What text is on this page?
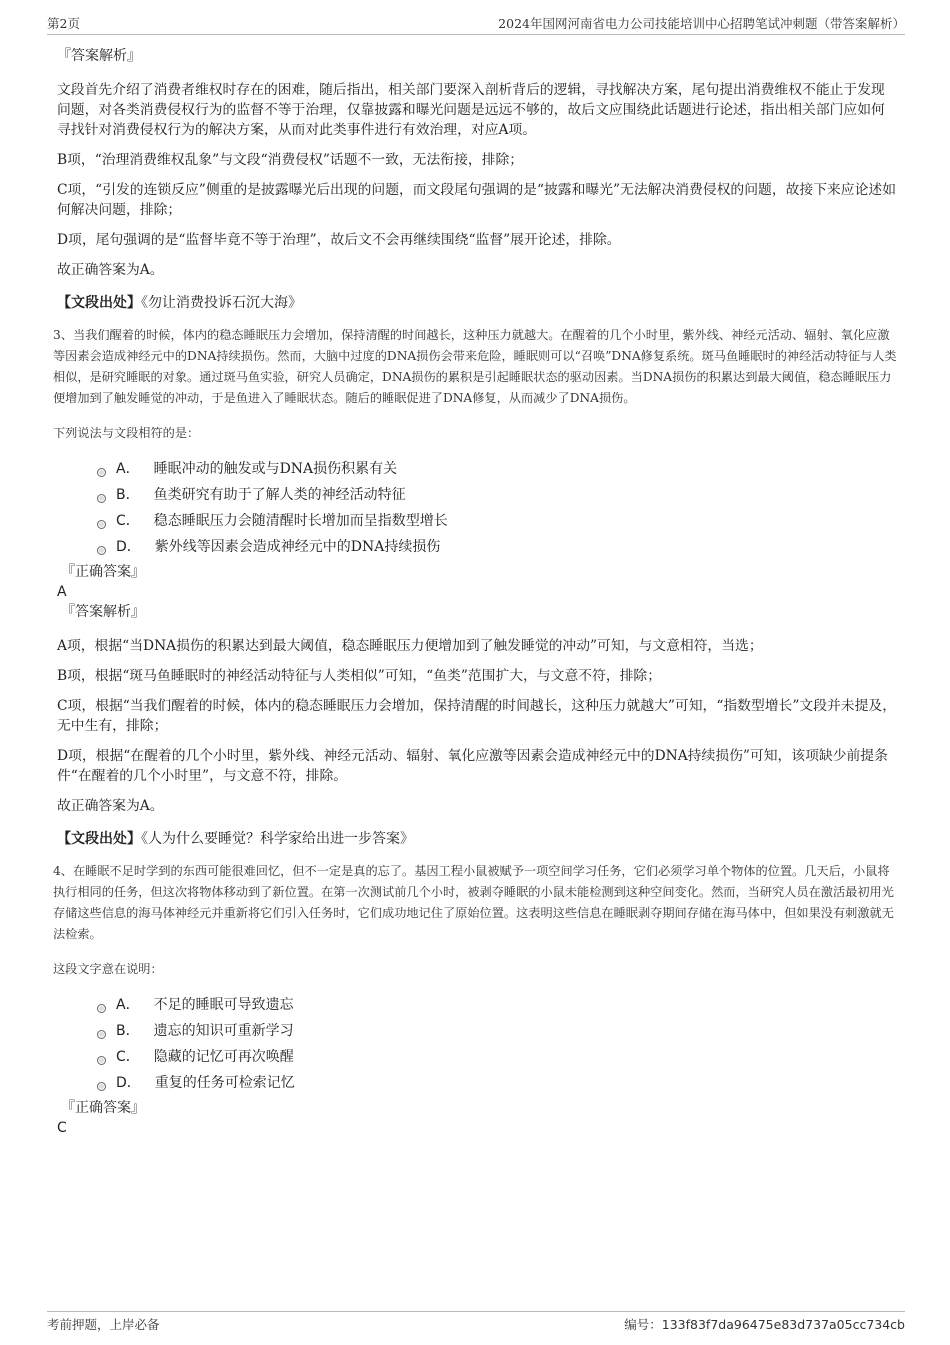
第2页	2024年国网河南省电力公司技能培训中心招聘笔试冲刺题（带答案解析）
『答案解析』

文段首先介绍了消费者维权时存在的困难，随后指出，相关部门要深入剖析背后的逻辑，寻找解决方案，尾句提出消费维权不能止于发现问题，对各类消费侵权行为的监督不等于治理，仅靠披露和曝光问题是远远不够的，故后文应围绕此话题进行论述，指出相关部门应如何寻找针对消费侵权行为的解决方案，从而对此类事件进行有效治理，对应A项。

B项，“治理消费维权乱象”与文段“消费侵权”话题不一致，无法衔接，排除；

C项，“引发的连锁反应”侧重的是披露曝光后出现的问题，而文段尾句强调的是“披露和曝光”无法解决消费侵权的问题，故接下来应论述如何解决问题，排除；

D项，尾句强调的是“监督毕竟不等于治理”，故后文不会再继续围绕“监督”展开论述，排除。

故正确答案为A。

【文段出处】《勿让消费投诉石沉大海》

3、当我们醒着的时候，体内的稳态睡眠压力会增加，保持清醒的时间越长，这种压力就越大。在醒着的几个小时里，紫外线、神经元活动、辐射、氧化应激等因素会造成神经元中的DNA持续损伤。然而，大脑中过度的DNA损伤会带来危险，睡眠则可以“召唤”DNA修复系统。斑马鱼睡眠时的神经活动特征与人类相似，是研究睡眠的对象。通过斑马鱼实验，研究人员确定，DNA损伤的累积是引起睡眠状态的驱动因素。当DNA损伤的积累达到最大阈值，稳态睡眠压力便增加到了触发睡觉的冲动，于是鱼进入了睡眠状态。随后的睡眠促进了DNA修复，从而减少了DNA损伤。

下列说法与文段相符的是：

A． 睡眠冲动的触发或与DNA损伤积累有关
B． 鱼类研究有助于了解人类的神经活动特征
C． 稳态睡眠压力会随清醒时长增加而呈指数型增长
D． 紫外线等因素会造成神经元中的DNA持续损伤
『正确答案』
A
『答案解析』

A项，根据“当DNA损伤的积累达到最大阈值，稳态睡眠压力便增加到了触发睡觉的冲动”可知，与文意相符，当选；

B项，根据“斑马鱼睡眠时的神经活动特征与人类相似”可知，“鱼类”范围扩大，与文意不符，排除；

C项，根据“当我们醒着的时候，体内的稳态睡眠压力会增加，保持清醒的时间越长，这种压力就越大”可知，“指数型增长”文段并未提及，无中生有，排除；

D项，根据“在醒着的几个小时里，紫外线、神经元活动、辐射、氧化应激等因素会造成神经元中的DNA持续损伤”可知，该项缺少前提条件“在醒着的几个小时里”，与文意不符，排除。

故正确答案为A。

【文段出处】《人为什么要睡觉？科学家给出进一步答案》

4、在睡眠不足时学到的东西可能很难回忆，但不一定是真的忘了。基因工程小鼠被赋予一项空间学习任务，它们必须学习单个物体的位置。几天后，小鼠将执行相同的任务，但这次将物体移动到了新位置。在第一次测试前几个小时，被剥夺睡眠的小鼠未能检测到这种空间变化。然而，当研究人员在激活最初用光存储这些信息的海马体神经元并重新将它们引入任务时，它们成功地记住了原始位置。这表明这些信息在睡眠剥夺期间存储在海马体中，但如果没有刺激就无法检索。

这段文字意在说明：

A． 不足的睡眠可导致遗忘
B． 遗忘的知识可重新学习
C． 隐藏的记忆可再次唤醒
D． 重复的任务可检索记忆
『正确答案』
C
考前押题，上岸必备	编号：133f83f7da96475e83d737a05cc734cb
